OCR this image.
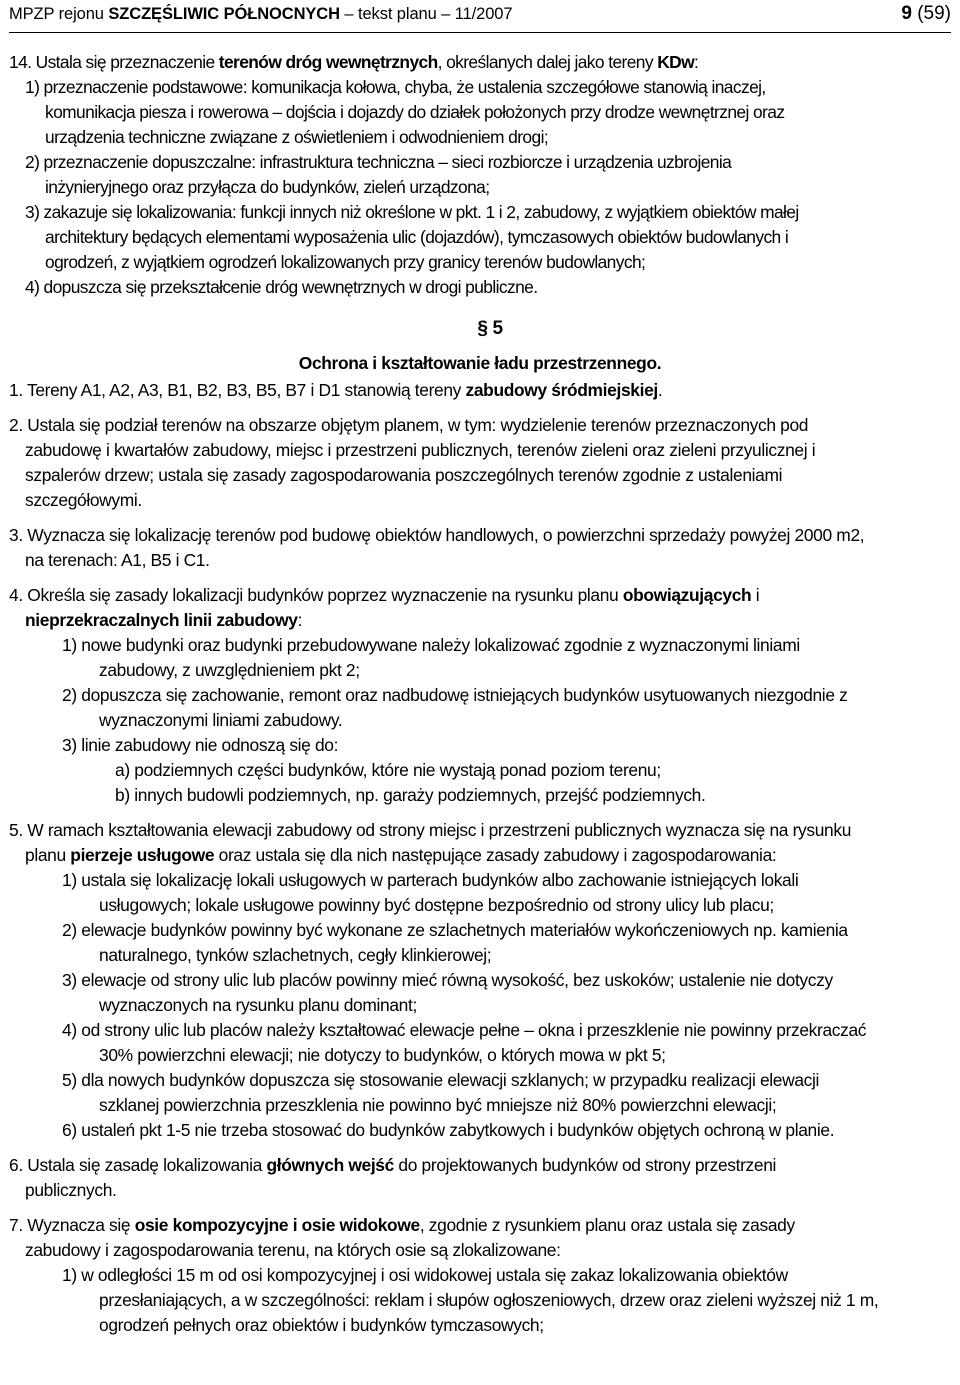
MPZP rejonu SZCZĘŚLIWIC PÓŁNOCNYCH – tekst planu – 11/2007	9 (59)

14. Ustala się przeznaczenie terenów dróg wewnętrznych, określanych dalej jako tereny KDw:

1) przeznaczenie podstawowe: komunikacja kołowa, chyba, że ustalenia szczegółowe stanowią inaczej,

komunikacja piesza i rowerowa – dojścia i dojazdy do działek położonych przy drodze wewnętrznej oraz

urządzenia techniczne związane z oświetleniem i odwodnieniem drogi;

2) przeznaczenie dopuszczalne: infrastruktura techniczna – sieci rozbiorcze i urządzenia uzbrojenia

inżynieryjnego oraz przyłącza do budynków, zieleń urządzona;

3) zakazuje się lokalizowania: funkcji innych niż określone w pkt. 1 i 2, zabudowy, z wyjątkiem obiektów małej

architektury będących elementami wyposażenia ulic (dojazdów), tymczasowych obiektów budowlanych i

ogrodzeń, z wyjątkiem ogrodzeń lokalizowanych przy granicy terenów budowlanych;

4) dopuszcza się przekształcenie dróg wewnętrznych w drogi publiczne.

§ 5

Ochrona i kształtowanie ładu przestrzennego.

1. Tereny A1, A2, A3, B1, B2, B3, B5, B7 i D1 stanowią tereny zabudowy śródmiejskiej.

2. Ustala się podział terenów na obszarze objętym planem, w tym: wydzielenie terenów przeznaczonych pod

zabudowę i kwartałów zabudowy, miejsc i przestrzeni publicznych, terenów zieleni oraz zieleni przyulicznej i

szpalerów drzew; ustala się zasady zagospodarowania poszczególnych terenów zgodnie z ustaleniami

szczegółowymi.

3. Wyznacza się lokalizację terenów pod budowę obiektów handlowych, o powierzchni sprzedaży powyżej 2000 m2,

na terenach: A1, B5 i C1.

4. Określa się zasady lokalizacji budynków poprzez wyznaczenie na rysunku planu obowiązujących i

nieprzekraczalnych linii zabudowy:

1) nowe budynki oraz budynki przebudowywane należy lokalizować zgodnie z wyznaczonymi liniami

zabudowy, z uwzględnieniem pkt 2;

2) dopuszcza się zachowanie, remont oraz nadbudowę istniejących budynków usytuowanych niezgodnie z

wyznaczonymi liniami zabudowy.

3) linie zabudowy nie odnoszą się do:

a) podziemnych części budynków, które nie wystają ponad poziom terenu;

b) innych budowli podziemnych, np. garaży podziemnych, przejść podziemnych.

5. W ramach kształtowania elewacji zabudowy od strony miejsc i przestrzeni publicznych wyznacza się na rysunku

planu pierzeje usługowe oraz ustala się dla nich następujące zasady zabudowy i zagospodarowania:

1) ustala się lokalizację lokali usługowych w parterach budynków albo zachowanie istniejących lokali

usługowych; lokale usługowe powinny być dostępne bezpośrednio od strony ulicy lub placu;

2) elewacje budynków powinny być wykonane ze szlachetnych materiałów wykończeniowych np. kamienia

naturalnego, tynków szlachetnych, cegły klinkierowej;

3) elewacje od strony ulic lub placów powinny mieć równą wysokość, bez uskoków; ustalenie nie dotyczy

wyznaczonych na rysunku planu dominant;

4) od strony ulic lub placów należy kształtować elewacje pełne – okna i przeszklenie nie powinny przekraczać

30% powierzchni elewacji; nie dotyczy to budynków, o których mowa w pkt 5;

5) dla nowych budynków dopuszcza się stosowanie elewacji szklanych; w przypadku realizacji elewacji

szklanej powierzchnia przeszklenia nie powinno być mniejsze niż 80% powierzchni elewacji;

6) ustaleń pkt 1-5 nie trzeba stosować do budynków zabytkowych i budynków objętych ochroną w planie.

6. Ustala się zasadę lokalizowania głównych wejść do projektowanych budynków od strony przestrzeni

publicznych.

7. Wyznacza się osie kompozycyjne i osie widokowe, zgodnie z rysunkiem planu oraz ustala się zasady

zabudowy i zagospodarowania terenu, na których osie są zlokalizowane:

1) w odległości 15 m od osi kompozycyjnej i osi widokowej ustala się zakaz lokalizowania obiektów

przesłaniających, a w szczególności: reklam i słupów ogłoszeniowych, drzew oraz zieleni wyższej niż 1 m,

ogrodzeń pełnych oraz obiektów i budynków tymczasowych;
